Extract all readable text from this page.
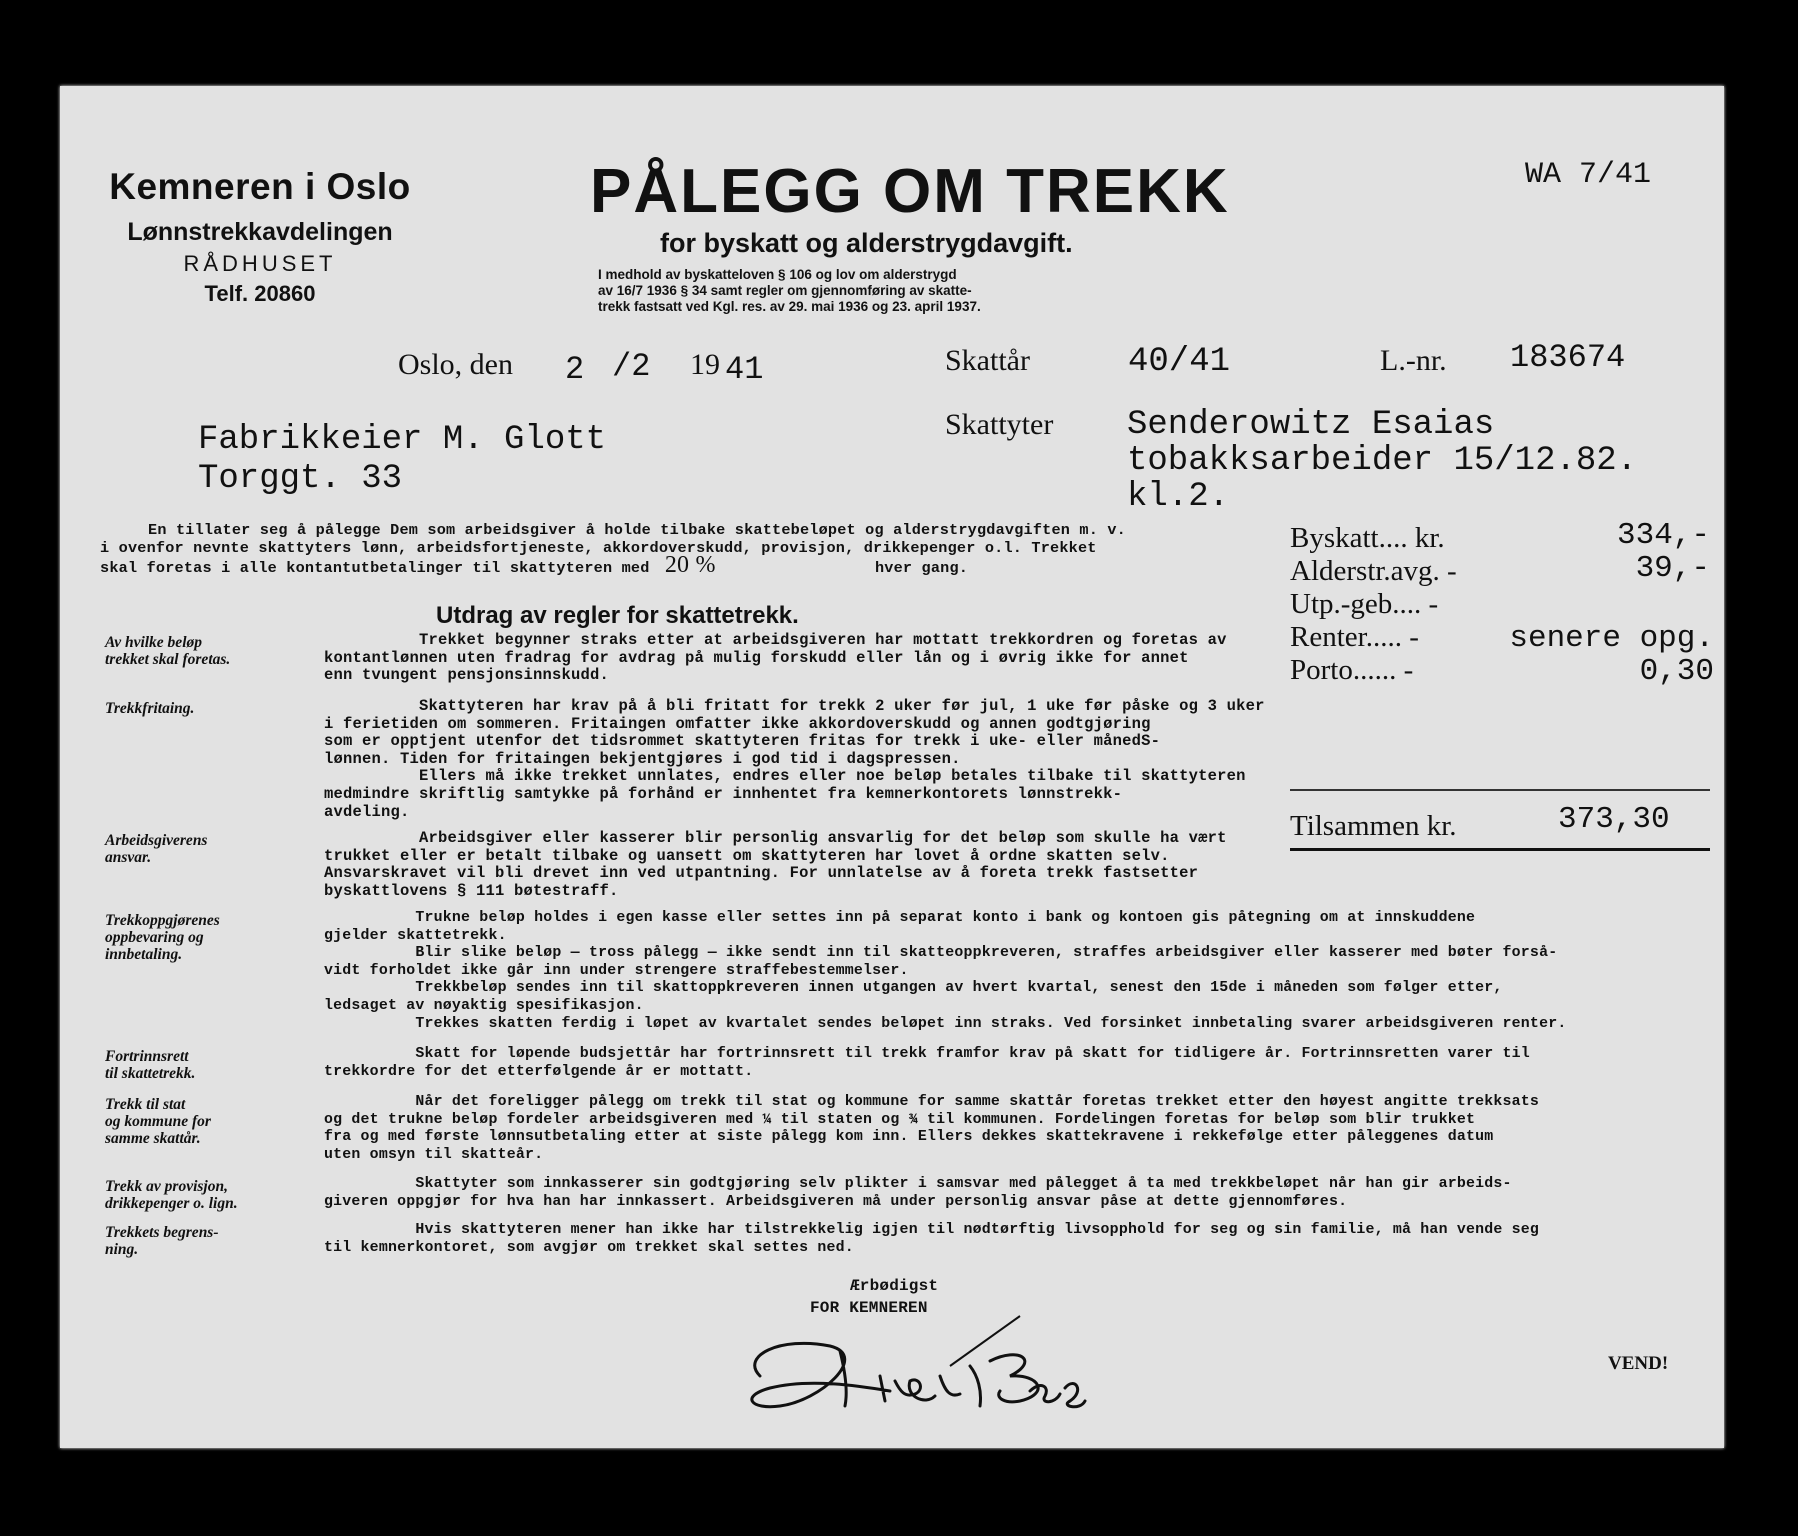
Kemneren i Oslo
Lønnstrekkavdelingen
RÅDHUSET
Telf. 20860
PÅLEGG OM TREKK
for byskatt og alderstrygdavgift.
I medhold av byskatteloven § 106 og lov om alderstrygd
av 16/7 1936 § 34 samt regler om gjennomføring av skatte-
trekk fastsatt ved Kgl. res. av 29. mai 1936 og 23. april 1937.
WA 7/41
Oslo, den 2 /2 19 41	Skattår	40/41	L.-nr. 183674
Fabrikkeier M. Glott
Torggt. 33
Skattyter Senderowitz Esaias
tobakksarbeider 15/12.82.
kl.2.
En tillater seg å pålegge Dem som arbeidsgiver å holde tilbake skattebeløpet og alderstrygdavgiften m. v.
i ovenfor nevnte skattyters lønn, arbeidsfortjeneste, akkordoverskudd, provisjon, drikkepenger o.l. Trekket
skal foretas i alle kontantutbetalinger til skattyteren med 20 %	hver gang.
Byskatt.... kr.	334,-
Alderstr.avg. -	39,-
Utp.-geb.... -
Renter..... -	senere opg.
Porto...... -	0,30
Tilsammen kr.	373,30
Utdrag av regler for skattetrekk.
Av hvilke beløp
trekket skal foretas.

Trekket begynner straks etter at arbeidsgiveren har mottatt trekkordren og foretas av

kontantlønnen uten fradrag for avdrag på mulig forskudd eller lån og i øvrig ikke for annet

enn tvungent pensjonsinnskudd.

Trekkfritaing.	Skattyteren har krav på å bli fritatt for trekk 2 uker før jul, 1 uke før påske og 3 uker

i ferietiden om sommeren. Fritaingen omfatter ikke akkordoverskudd og annen godtgjøring

som er opptjent utenfor det tidsrommet skattyteren fritas for trekk i uke- eller månedS-

lønnen. Tiden for fritaingen bekjentgjøres i god tid i dagspressen.

Ellers må ikke trekket unnlates, endres eller noe beløp betales tilbake til skattyteren

medmindre skriftlig samtykke på forhånd er innhentet fra kemnerkontorets lønnstrekk-

avdeling.

Arbeidsgiverens
ansvar.

Arbeidsgiver eller kasserer blir personlig ansvarlig for det beløp som skulle ha vært

trukket eller er betalt tilbake og uansett om skattyteren har lovet å ordne skatten selv.

Ansvarskravet vil bli drevet inn ved utpantning. For unnlatelse av å foreta trekk fastsetter

byskattlovens § 111 bøtestraff.

Trekkoppgjørenes
oppbevaring og
innbetaling.

Trukne beløp holdes i egen kasse eller settes inn på separat konto i bank og kontoen gis påtegning om at innskuddene

gjelder skattetrekk.

Blir slike beløp — tross pålegg — ikke sendt inn til skatteoppkreveren, straffes arbeidsgiver eller kasserer med bøter forså-

vidt forholdet ikke går inn under strengere straffebestemmelser.

Trekkbeløp sendes inn til skattoppkreveren innen utgangen av hvert kvartal, senest den 15de i måneden som følger etter,

ledsaget av nøyaktig spesifikasjon.

Trekkes skatten ferdig i løpet av kvartalet sendes beløpet inn straks. Ved forsinket innbetaling svarer arbeidsgiveren renter.

Fortrinnsrett
til skattetrekk.

Skatt for løpende budsjettår har fortrinnsrett til trekk framfor krav på skatt for tidligere år. Fortrinnsretten varer til

trekkordre for det etterfølgende år er mottatt.

Trekk til stat
og kommune for
samme skattår.

Når det foreligger pålegg om trekk til stat og kommune for samme skattår foretas trekket etter den høyest angitte trekksats

og det trukne beløp fordeler arbeidsgiveren med ¼ til staten og ¾ til kommunen. Fordelingen foretas for beløp som blir trukket

fra og med første lønnsutbetaling etter at siste pålegg kom inn. Ellers dekkes skattekravene i rekkefølge etter påleggenes datum

uten omsyn til skatteår.

Trekk av provisjon,
drikkepenger o. lign.

Skattyter som innkasserer sin godtgjøring selv plikter i samsvar med pålegget å ta med trekkbeløpet når han gir arbeids-

giveren oppgjør for hva han har innkassert. Arbeidsgiveren må under personlig ansvar påse at dette gjennomføres.

Trekkets begrens-
ning.

Hvis skattyteren mener han ikke har tilstrekkelig igjen til nødtørftig livsopphold for seg og sin familie, må han vende seg

til kemnerkontoret, som avgjør om trekket skal settes ned.

Ærbødigst
FOR KEMNEREN
VEND!
